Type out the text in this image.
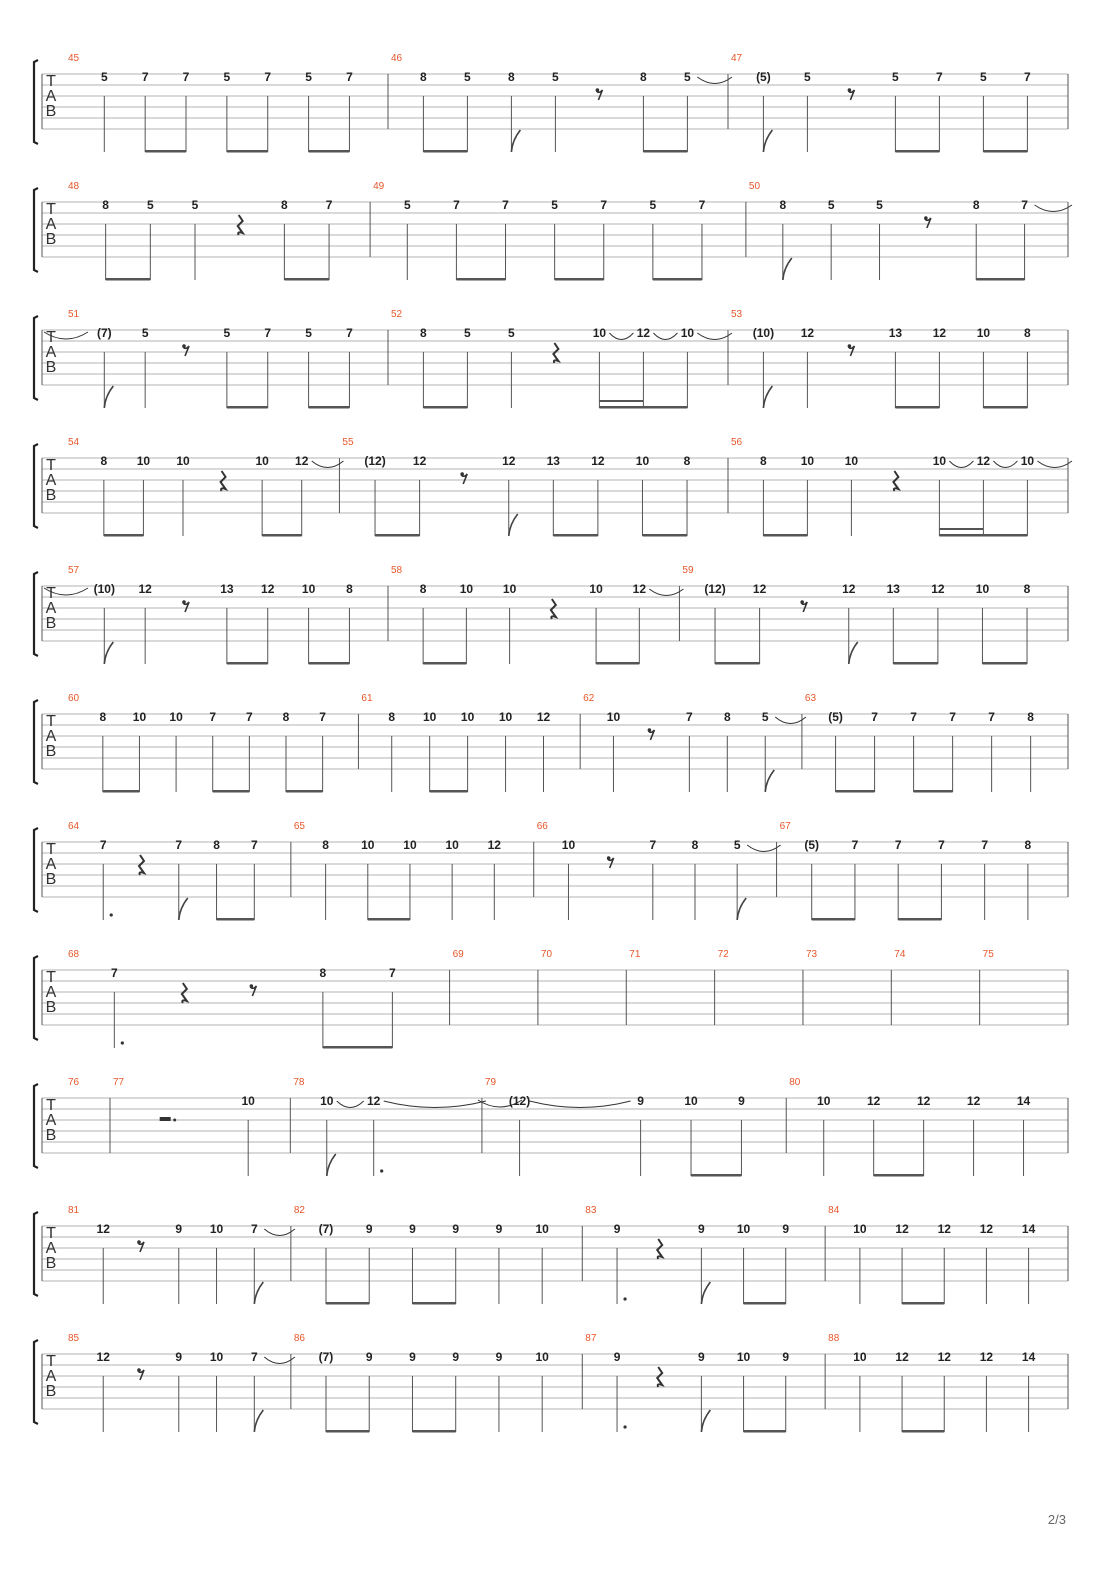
T
A
B
45
5	7	7	5	7	5	7
46
8	5	8	5	8	5
47
(5)	5	5	7	5	7
T
A
B
48
8	5	5	8	7
49
5	7	7	5	7	5	7
50
8	5	5	8	7
T
A
B
51
(7)	5	5	7	5	7
52
8	5	5	10	12	10
53
(10) 12	13	12	10	8
T
A
B
54
8 10 10	10 12
55
(12) 12	12	13	12	10	8
56
8	10	10	10	12	10
T
A
B
57
(10) 12	13 12 10	8
58
8	10 10	10 12
59
(12) 12	12	13	12	10	8
T
A
B
60
8 10 10 7 7 8 7
61
8 10 10 10 12
62
10	7	8	5
63
(5) 7	7	7	7	8
T
A
B
64
7	7	8	7
65
8	10 10 10 12
66
10	7	8	5
67
(5)	7	7	7	7	8
T
A
B
68
7	8	7
69	70	71	72	73	74	75
T
A
B
76	77
10
78
10	12
79
(12)	9	10	9
80
10	12	12	12	14
T
A
B
81
12	9 10 7
82
(7)	9	9	9	9	10
83
9	9	10	9
84
10 12 12 12 14
T
A
B
85
12	9 10 7
86
(7)	9	9	9	9	10
87
9	9	10	9
88
10 12 12 12 14
2/3
